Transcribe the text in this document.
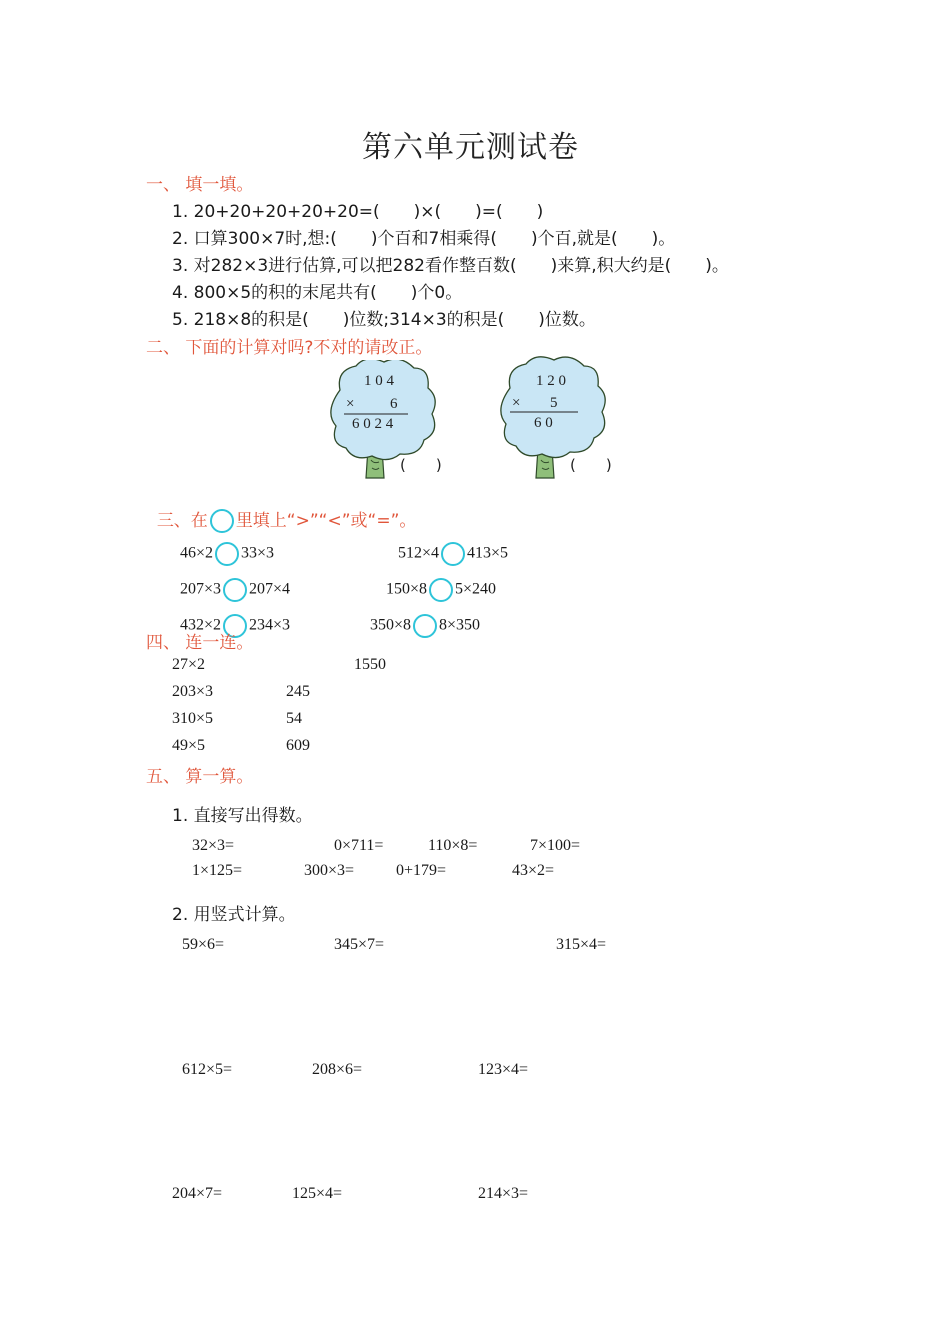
第六单元测试卷
一、 填一填。
1. 20+20+20+20+20=(　　)×(　　)=(　　)
2. 口算300×7时,想:(　　)个百和7相乘得(　　)个百,就是(　　)。
3. 对282×3进行估算,可以把282看作整百数(　　)来算,积大约是(　　)。
4. 800×5的积的末尾共有(　　)个0。
5. 218×8的积是(　　)位数;314×3的积是(　　)位数。
二、 下面的计算对吗?不对的请改正。
1 0 4
× 6
6 0 2 4
(　　)
1 2 0
× 5
6 0
(　　)

三、在 里填上“>”“<”或“=”。

46×2 33×3	512×4 413×5

207×3 207×4	150×8 5×240

432×2 234×3	350×8 8×350

四、 连一连。
27×2	1550
203×3	245
310×5	54
49×5	609
五、 算一算。
1. 直接写出得数。
32×3=	0×711=	110×8=	7×100=
1×125=	300×3=	0+179=	43×2=
2. 用竖式计算。
59×6=	345×7=	315×4=
612×5=	208×6=	123×4=
204×7=	125×4=	214×3=
